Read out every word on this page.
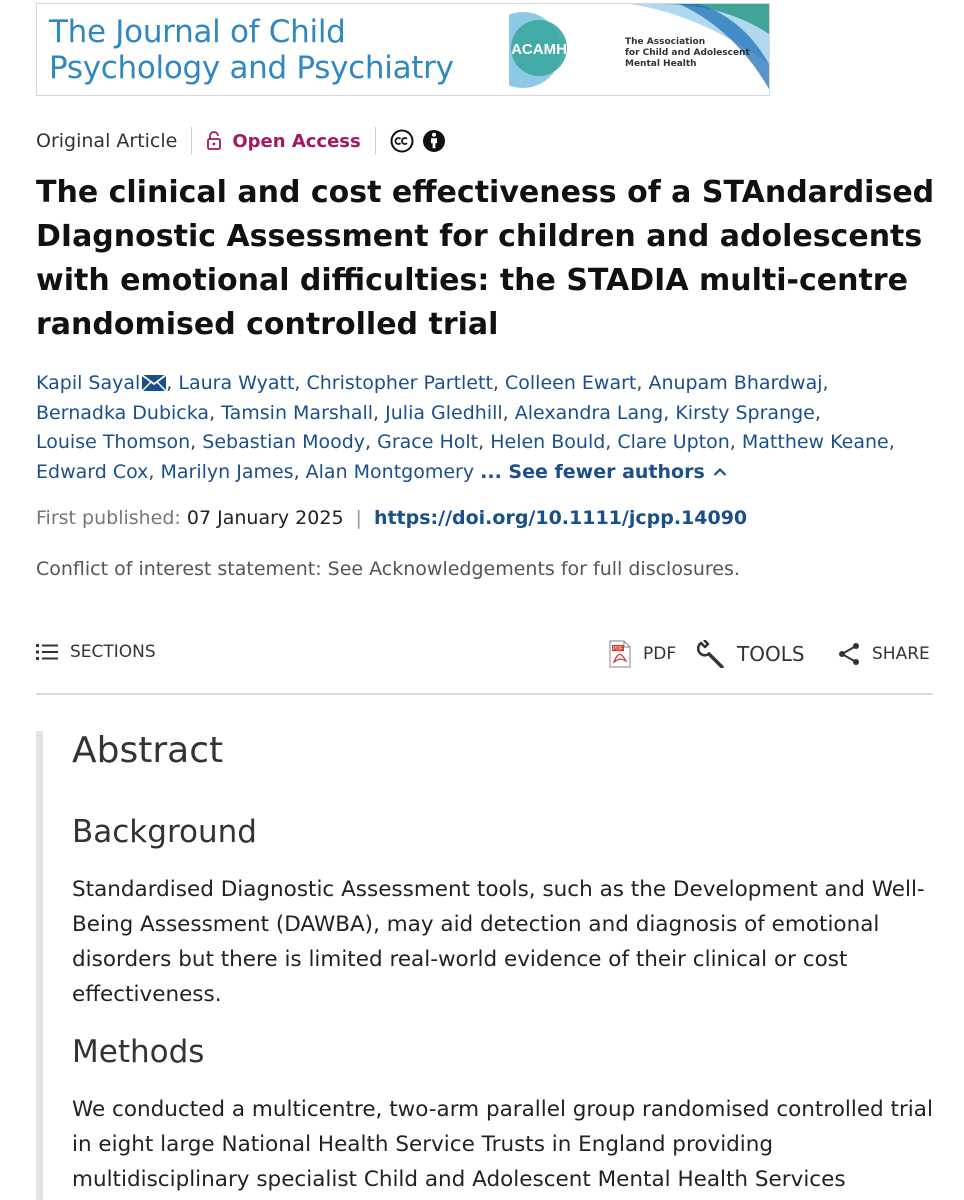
The Journal of Child
Psychology and Psychiatry
ACAMH	The Association
for Child and Adolescent
Mental Health
Original Article	Open Access
The clinical and cost effectiveness of a STAndardised DIagnostic Assessment for children and adolescents with emotional difficulties: the STADIA multi-centre randomised controlled trial
Kapil Sayal , Laura Wyatt, Christopher Partlett, Colleen Ewart, Anupam Bhardwaj,
Bernadka Dubicka, Tamsin Marshall, Julia Gledhill, Alexandra Lang, Kirsty Sprange,
Louise Thomson, Sebastian Moody, Grace Holt, Helen Bould, Clare Upton, Matthew Keane,
Edward Cox, Marilyn James, Alan Montgomery ... See fewer authors
First published:
07 January 2025 | https://doi.org/10.1111/jcpp.14090
Conflict of interest statement: See Acknowledgements for full disclosures.
SECTIONS	PDF PDF	TOOLS	SHARE
Abstract
Background

Standardised Diagnostic Assessment tools, such as the Development and Well-Being Assessment (DAWBA), may aid detection and diagnosis of emotional disorders but there is limited real-world evidence of their clinical or cost effectiveness.

Methods

We conducted a multicentre, two-arm parallel group randomised controlled trial in eight large National Health Service Trusts in England providing multidisciplinary specialist Child and Adolescent Mental Health Services
